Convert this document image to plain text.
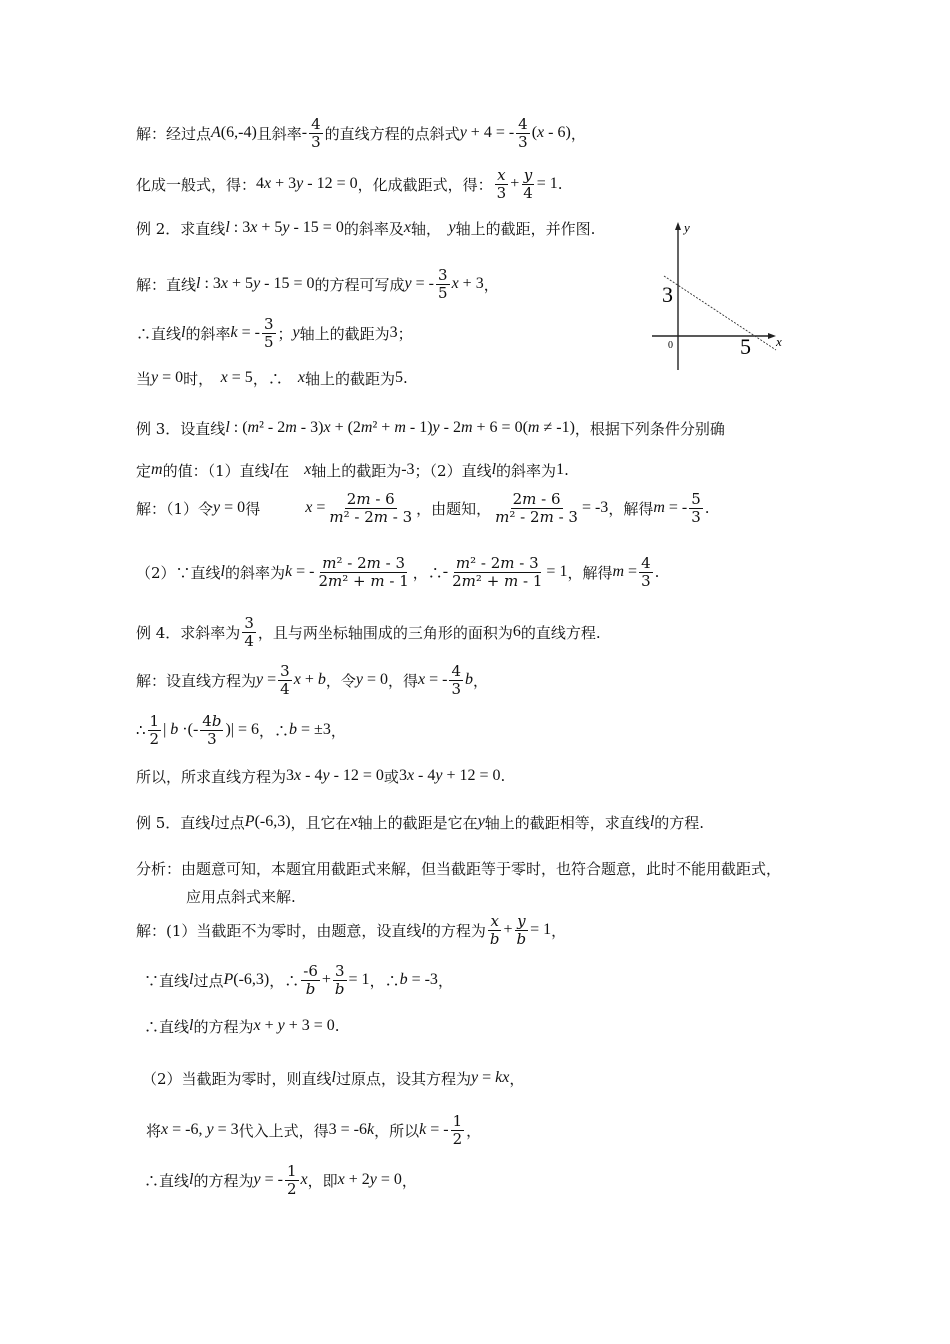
解：经过点 A(6,-4) 且斜率 - $\frac{4}{3}$ 的直线方程的点斜式 y + 4 = - $\frac{4}{3} (x - 6)$ ，
化成一般式，得： 4x + 3y - 12 = 0 ，化成截距式，得： $\frac{x}{3} + \frac{y}{4} = 1$ .
例 2．求直线 l : 3x + 5y - 15 = 0 的斜率及 x 轴，　 y 轴上的截距，并作图.
解：直线 l : 3x + 5y - 15 = 0 的方程可写成 y = - $\frac{3}{5}$ x + 3 ，
∴直线 l 的斜率 k = - $\frac{3}{5}$ ； y 轴上的截距为 3 ；
当 y = 0 时，　 x = 5 ，∴　 x 轴上的截距为 5 .
例 3．设直线 l : (m² - 2m - 3)x + (2m² + m - 1)y - 2m + 6 = 0(m ≠ -1) ，根据下列条件分别确
定 m 的值：（1）直线 l 在　 x 轴上的截距为 -3 ；（2）直线 l 的斜率为 1 .
解：（1）令 y = 0 得　　　 $x = \frac{2m - 6}{\text{m² - 2m - 3}}$ ，由题知， $\frac{2m - 6}{\text{m² - 2m - 3}} = -3$ ，解得 m = - $\frac{5}{3}$ .
（2）∵直线 l 的斜率为 k = - $\frac{\text{m² - 2m - 3}}{\text{2m² + m - 1}}$ ，∴ - $\frac{\text{m² - 2m - 3}}{\text{2m² + m - 1}} = 1$ ，解得 $m = \frac{4}{3}$ .
例 4．求斜率为 $\frac{3}{4}$ ，且与两坐标轴围成的三角形的面积为 6 的直线方程.
解：设直线方程为 $y = \frac{3}{4}$ x + b ，令 y = 0 ，得 x = - $\frac{4}{3}$ b ，
∴ $\frac{1}{2}$ | b ·(- $\frac{4b}{3}$ )| = 6 ，∴ b = ±3 ，
所以，所求直线方程为 3x - 4y - 12 = 0 或 3x - 4y + 12 = 0 .
例 5．直线 l 过点 P(-6,3) ，且它在 x 轴上的截距是它在 y 轴上的截距相等，求直线 l 的方程.
分析：由题意可知，本题宜用截距式来解，但当截距等于零时，也符合题意，此时不能用截距式，
应用点斜式来解.
解：(1）当截距不为零时，由题意，设直线 l 的方程为 $\frac{x}{b} + \frac{y}{b} = 1$ ，
∵直线 l 过点 P(-6,3) ，∴ $\frac{-6}{b} + \frac{3}{b} = 1$ ，∴ b = -3 ，
∴直线 l 的方程为 x + y + 3 = 0 .
（2）当截距为零时，则直线 l 过原点，设其方程为 y = kx ，
将 x = -6, y = 3 代入上式，得 3 = -6k ，所以 k = - $\frac{1}{2}$ ，
∴直线 l 的方程为 y = - $\frac{1}{2}$ x ，即 x + 2y = 0 ，
y
x
0
3
5
